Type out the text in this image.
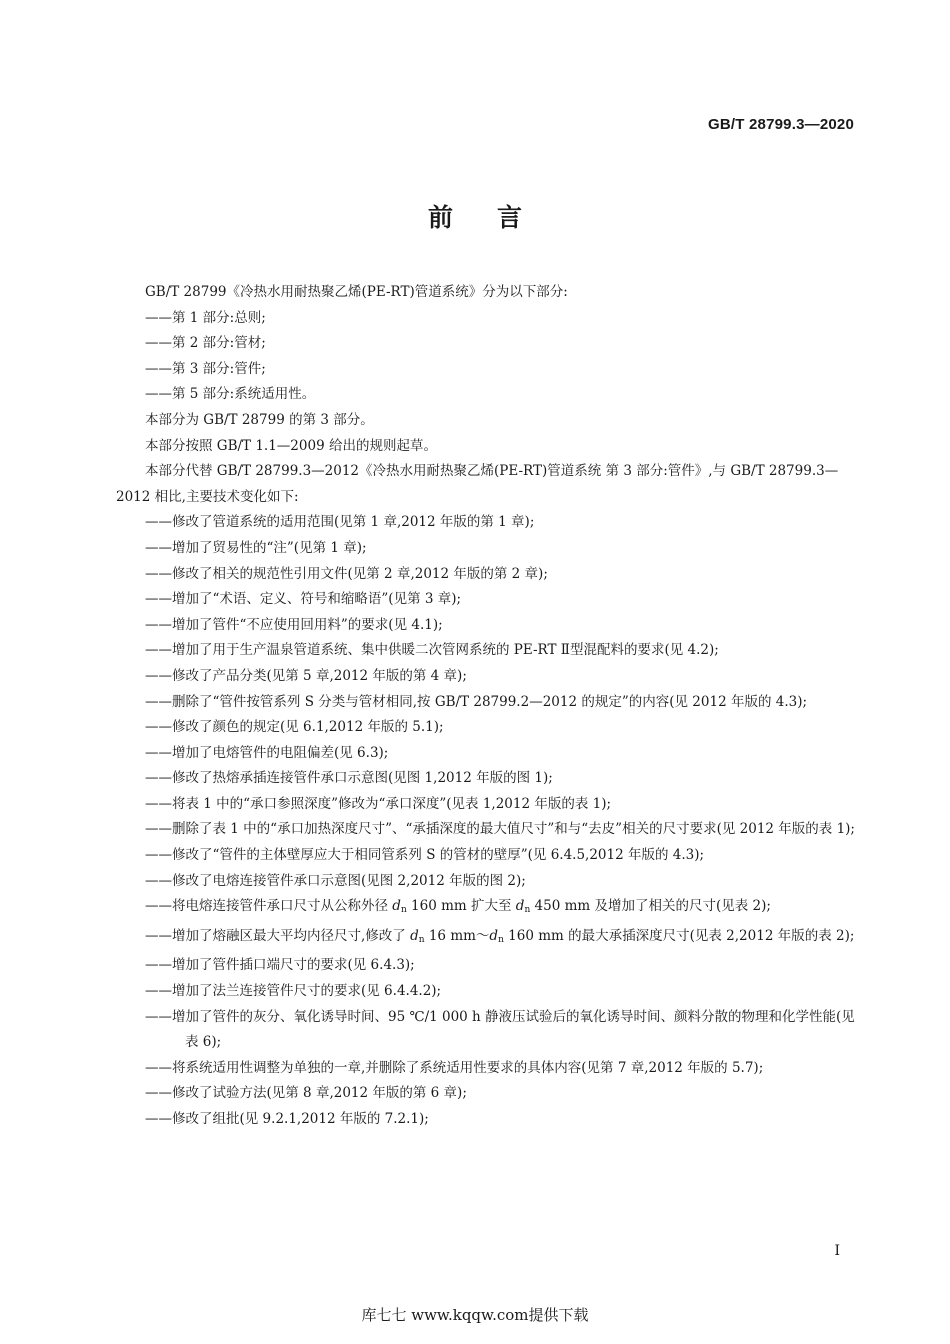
GB/T 28799.3—2020
前言

GB/T 28799《冷热水用耐热聚乙烯(PE-RT)管道系统》分为以下部分:

——第 1 部分:总则;

——第 2 部分:管材;

——第 3 部分:管件;

——第 5 部分:系统适用性。

本部分为 GB/T 28799 的第 3 部分。

本部分按照 GB/T 1.1—2009 给出的规则起草。

本部分代替 GB/T 28799.3—2012《冷热水用耐热聚乙烯(PE-RT)管道系统 第 3 部分:管件》,与 GB/T 28799.3—2012 相比,主要技术变化如下:

——修改了管道系统的适用范围(见第 1 章,2012 年版的第 1 章);

——增加了贸易性的“注”(见第 1 章);

——修改了相关的规范性引用文件(见第 2 章,2012 年版的第 2 章);

——增加了“术语、定义、符号和缩略语”(见第 3 章);

——增加了管件“不应使用回用料”的要求(见 4.1);

——增加了用于生产温泉管道系统、集中供暖二次管网系统的 PE-RT Ⅱ型混配料的要求(见 4.2);

——修改了产品分类(见第 5 章,2012 年版的第 4 章);

——删除了“管件按管系列 S 分类与管材相同,按 GB/T 28799.2—2012 的规定”的内容(见 2012 年版的 4.3);

——修改了颜色的规定(见 6.1,2012 年版的 5.1);

——增加了电熔管件的电阻偏差(见 6.3);

——修改了热熔承插连接管件承口示意图(见图 1,2012 年版的图 1);

——将表 1 中的“承口参照深度”修改为“承口深度”(见表 1,2012 年版的表 1);

——删除了表 1 中的“承口加热深度尺寸”、“承插深度的最大值尺寸”和与“去皮”相关的尺寸要求(见 2012 年版的表 1);

——修改了“管件的主体壁厚应大于相同管系列 S 的管材的壁厚”(见 6.4.5,2012 年版的 4.3);

——修改了电熔连接管件承口示意图(见图 2,2012 年版的图 2);

——将电熔连接管件承口尺寸从公称外径 $d_n$ 160 mm 扩大至 $d_n$ 450 mm 及增加了相关的尺寸(见表 2);

——增加了熔融区最大平均内径尺寸,修改了 $d_n$ 16 $mm\sim d_n$ 160 mm 的最大承插深度尺寸(见表 2,2012 年版的表 2);

——增加了管件插口端尺寸的要求(见 6.4.3);

——增加了法兰连接管件尺寸的要求(见 6.4.4.2);

——增加了管件的灰分、氧化诱导时间、95 ℃/1 000 h 静液压试验后的氧化诱导时间、颜料分散的物理和化学性能(见表 6);

——将系统适用性调整为单独的一章,并删除了系统适用性要求的具体内容(见第 7 章,2012 年版的 5.7);

——修改了试验方法(见第 8 章,2012 年版的第 6 章);

——修改了组批(见 9.2.1,2012 年版的 7.2.1);

I
库七七 www.kqqw.com提供下载
